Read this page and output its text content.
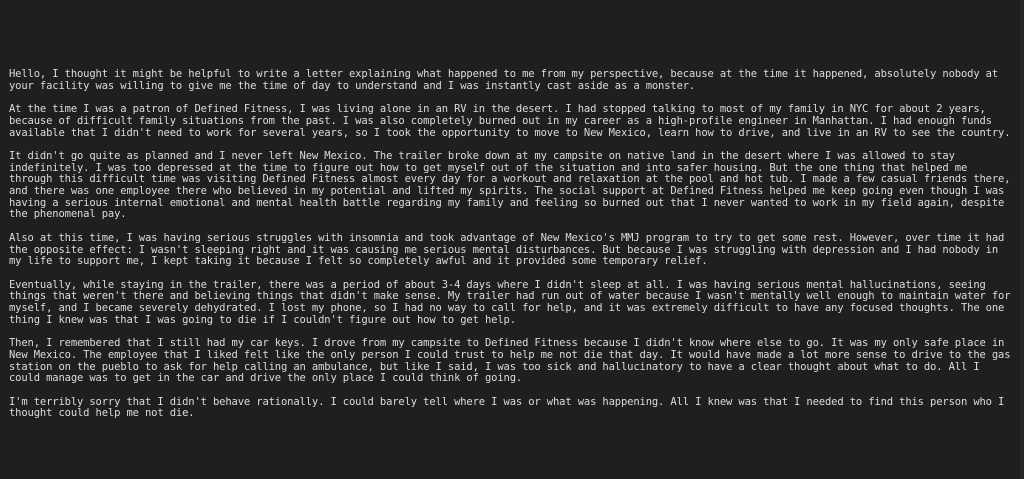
Hello, I thought it might be helpful to write a letter explaining what happened to me from my perspective, because at the time it happened, absolutely nobody at your facility was willing to give me the time of day to understand and I was instantly cast aside as a monster.

At the time I was a patron of Defined Fitness, I was living alone in an RV in the desert. I had stopped talking to most of my family in NYC for about 2 years, because of difficult family situations from the past. I was also completely burned out in my career as a high-profile engineer in Manhattan. I had enough funds available that I didn't need to work for several years, so I took the opportunity to move to New Mexico, learn how to drive, and live in an RV to see the country.

It didn't go quite as planned and I never left New Mexico. The trailer broke down at my campsite on native land in the desert where I was allowed to stay indefinitely. I was too depressed at the time to figure out how to get myself out of the situation and into safer housing. But the one thing that helped me through this difficult time was visiting Defined Fitness almost every day for a workout and relaxation at the pool and hot tub. I made a few casual friends there, and there was one employee there who believed in my potential and lifted my spirits. The social support at Defined Fitness helped me keep going even though I was having a serious internal emotional and mental health battle regarding my family and feeling so burned out that I never wanted to work in my field again, despite the phenomenal pay.

Also at this time, I was having serious struggles with insomnia and took advantage of New Mexico's MMJ program to try to get some rest. However, over time it had the opposite effect: I wasn't sleeping right and it was causing me serious mental disturbances. But because I was struggling with depression and I had nobody in my life to support me, I kept taking it because I felt so completely awful and it provided some temporary relief.

Eventually, while staying in the trailer, there was a period of about 3-4 days where I didn't sleep at all. I was having serious mental hallucinations, seeing things that weren't there and believing things that didn't make sense. My trailer had run out of water because I wasn't mentally well enough to maintain water for myself, and I became severely dehydrated. I lost my phone, so I had no way to call for help, and it was extremely difficult to have any focused thoughts. The one thing I knew was that I was going to die if I couldn't figure out how to get help.

Then, I remembered that I still had my car keys. I drove from my campsite to Defined Fitness because I didn't know where else to go. It was my only safe place in New Mexico. The employee that I liked felt like the only person I could trust to help me not die that day. It would have made a lot more sense to drive to the gas station on the pueblo to ask for help calling an ambulance, but like I said, I was too sick and hallucinatory to have a clear thought about what to do. All I could manage was to get in the car and drive the only place I could think of going.

I'm terribly sorry that I didn't behave rationally. I could barely tell where I was or what was happening. All I knew was that I needed to find this person who I thought could help me not die.
